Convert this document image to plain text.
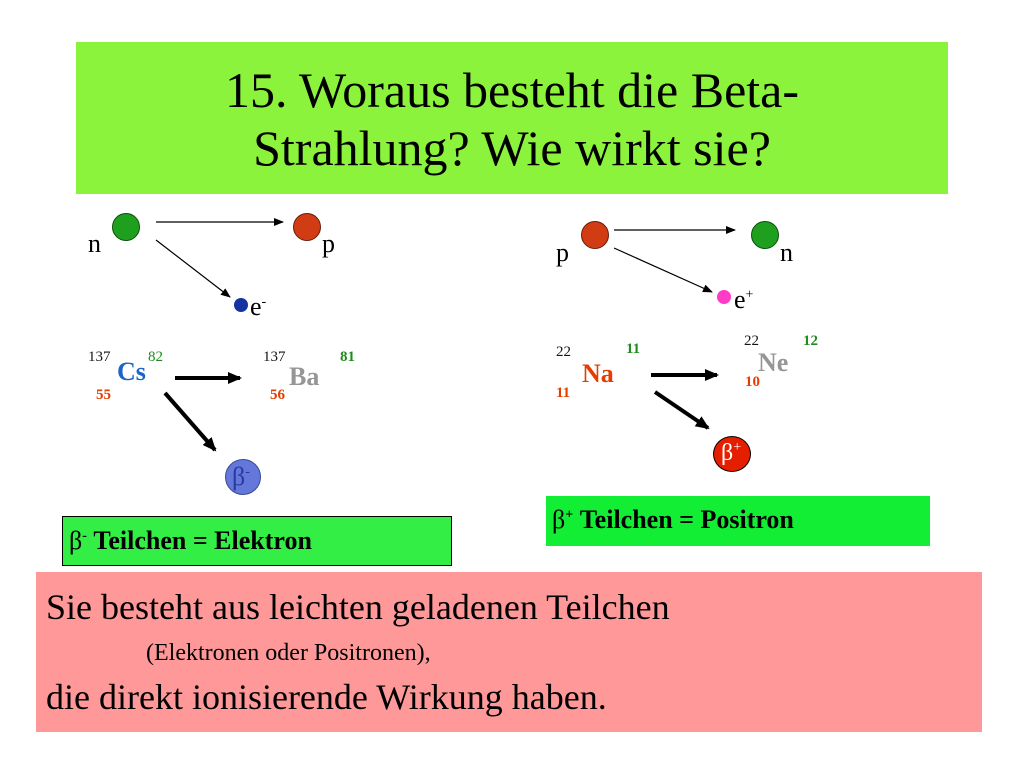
15. Woraus besteht die Beta-
Strahlung? Wie wirkt sie?
n	p
e-
137 Cs 82
55
137
Ba
81
56
β-
p	n
e+
22
Na
11
11
22
Ne
12
10
β+
β- Teilchen = Elektron
β+ Teilchen = Positron
Sie besteht aus leichten geladenen Teilchen
(Elektronen oder Positronen),
die direkt ionisierende Wirkung haben.
